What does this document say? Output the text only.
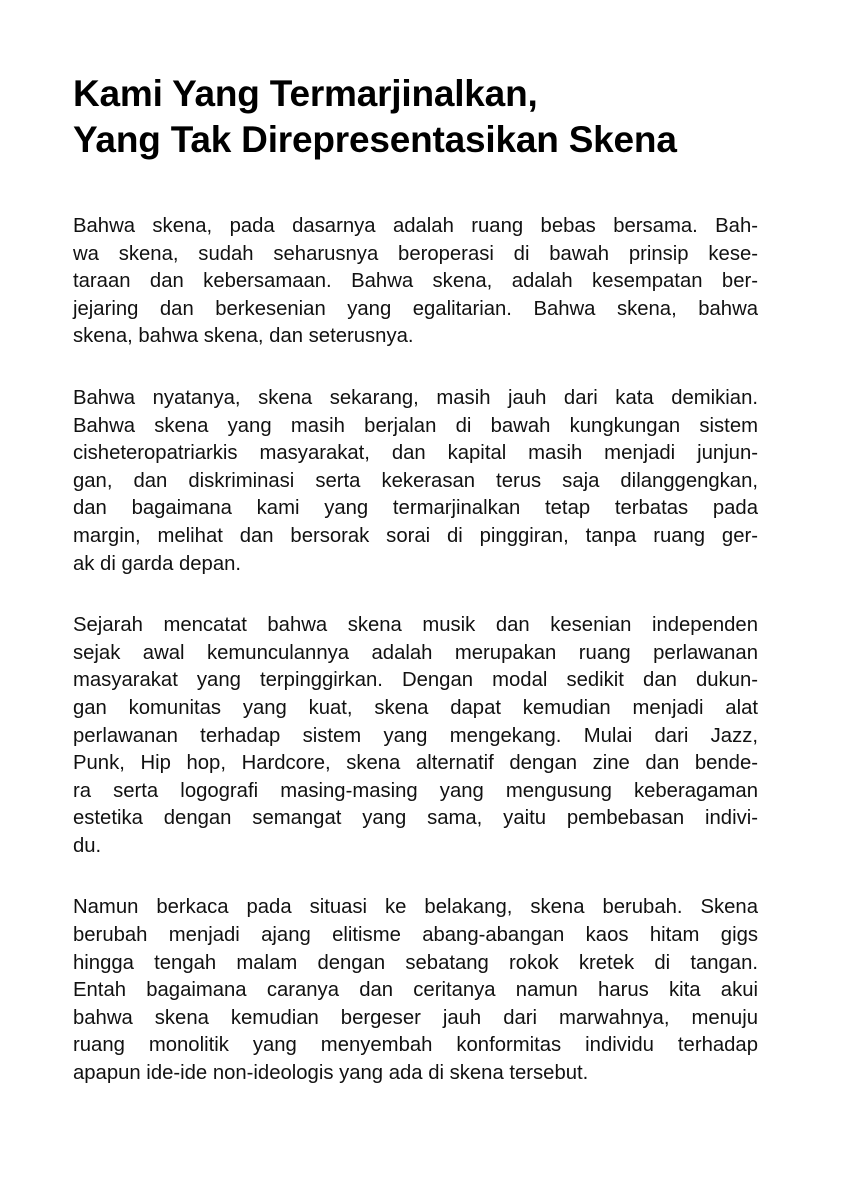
Kami Yang Termarjinalkan,
Yang Tak Direpresentasikan Skena
Bahwa skena, pada dasarnya adalah ruang bebas bersama. Bah-
wa skena, sudah seharusnya beroperasi di bawah prinsip kese-
taraan dan kebersamaan. Bahwa skena, adalah kesempatan ber-
jejaring dan berkesenian yang egalitarian. Bahwa skena, bahwa
skena, bahwa skena, dan seterusnya.
Bahwa nyatanya, skena sekarang, masih jauh dari kata demikian.
Bahwa skena yang masih berjalan di bawah kungkungan sistem
cisheteropatriarkis masyarakat, dan kapital masih menjadi junjun-
gan, dan diskriminasi serta kekerasan terus saja dilanggengkan,
dan bagaimana kami yang termarjinalkan tetap terbatas pada
margin, melihat dan bersorak sorai di pinggiran, tanpa ruang ger-
ak di garda depan.
Sejarah mencatat bahwa skena musik dan kesenian independen
sejak awal kemunculannya adalah merupakan ruang perlawanan
masyarakat yang terpinggirkan. Dengan modal sedikit dan dukun-
gan komunitas yang kuat, skena dapat kemudian menjadi alat
perlawanan terhadap sistem yang mengekang. Mulai dari Jazz,
Punk, Hip hop, Hardcore, skena alternatif dengan zine dan bende-
ra serta logografi masing-masing yang mengusung keberagaman
estetika dengan semangat yang sama, yaitu pembebasan indivi-
du.
Namun berkaca pada situasi ke belakang, skena berubah. Skena
berubah menjadi ajang elitisme abang-abangan kaos hitam gigs
hingga tengah malam dengan sebatang rokok kretek di tangan.
Entah bagaimana caranya dan ceritanya namun harus kita akui
bahwa skena kemudian bergeser jauh dari marwahnya, menuju
ruang monolitik yang menyembah konformitas individu terhadap
apapun ide-ide non-ideologis yang ada di skena tersebut.
